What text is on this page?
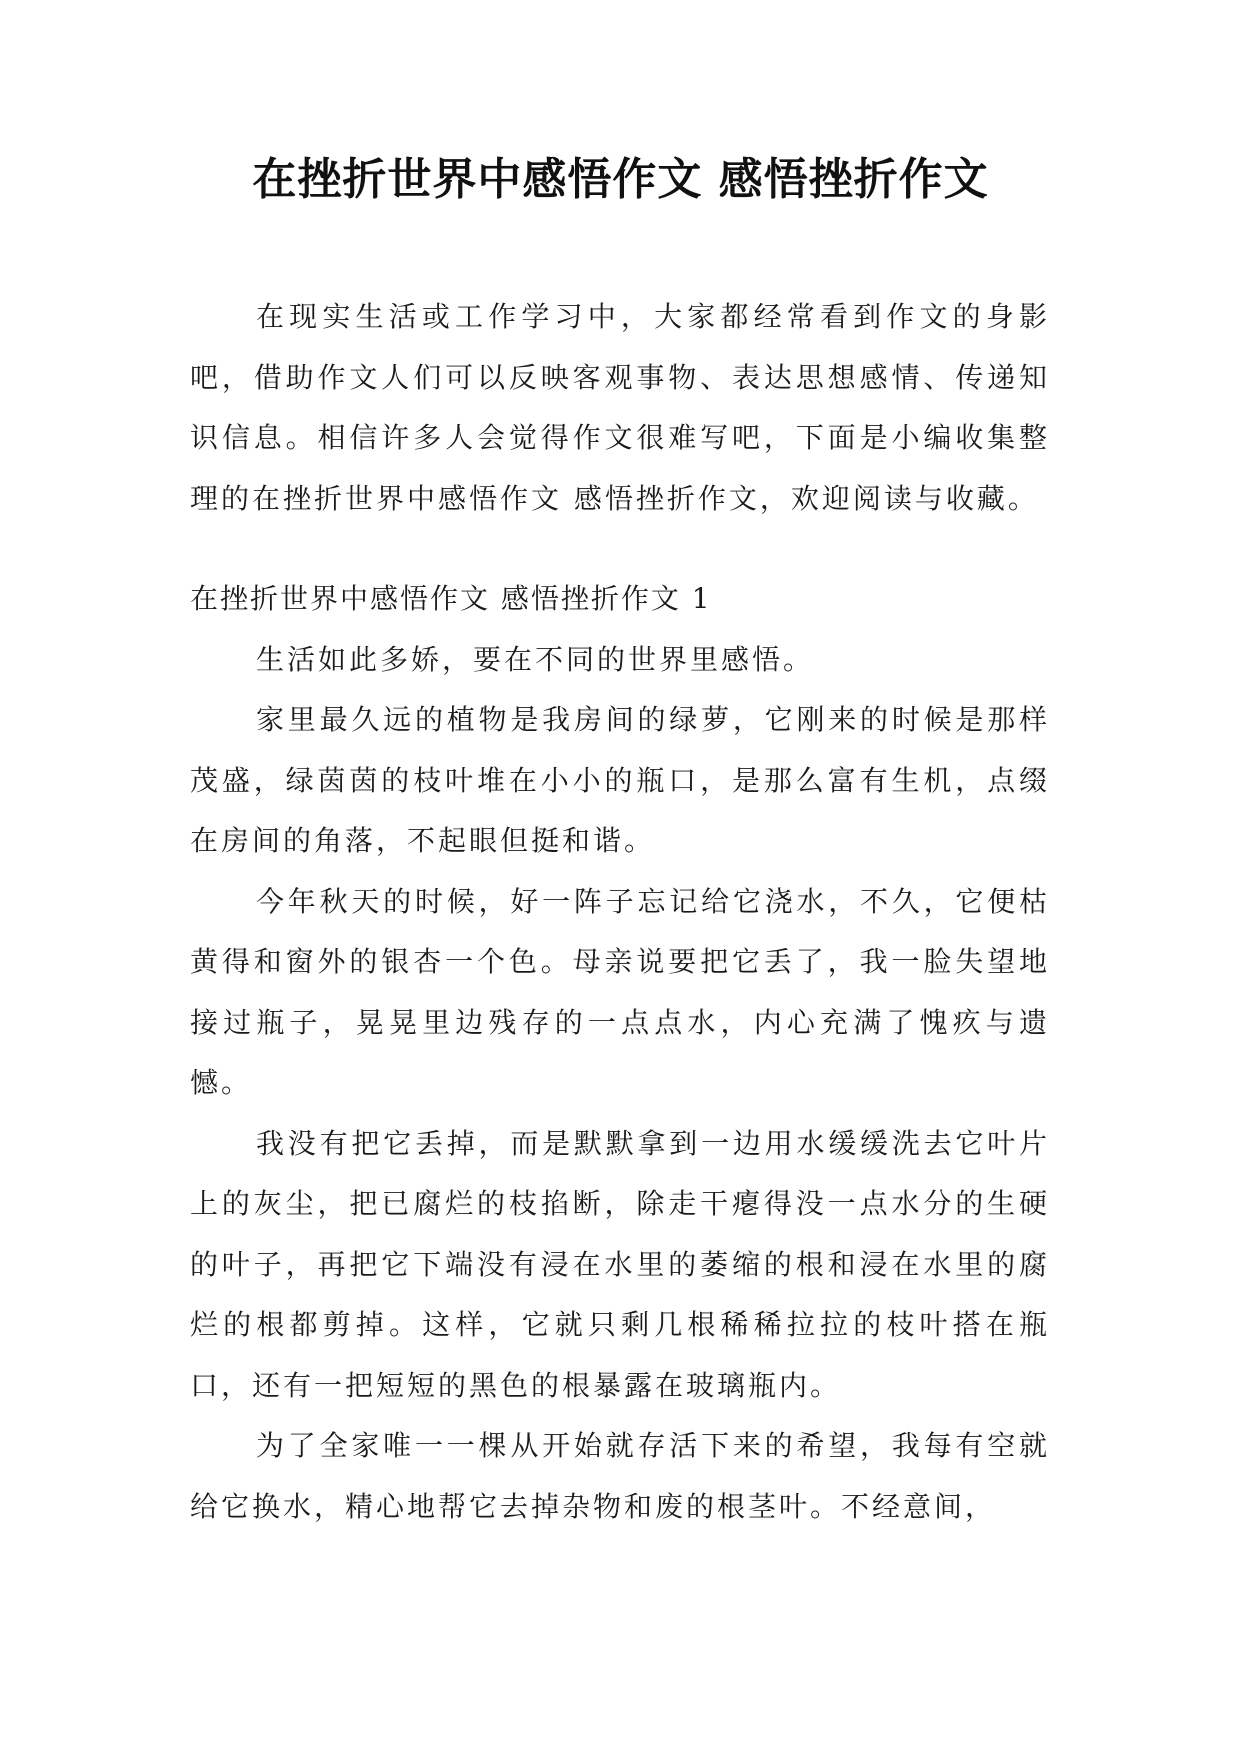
在挫折世界中感悟作文 感悟挫折作文

在现实生活或工作学习中，大家都经常看到作文的身影吧，借助作文人们可以反映客观事物、表达思想感情、传递知识信息。相信许多人会觉得作文很难写吧，下面是小编收集整理的在挫折世界中感悟作文 感悟挫折作文，欢迎阅读与收藏。

在挫折世界中感悟作文 感悟挫折作文 1

生活如此多娇，要在不同的世界里感悟。

家里最久远的植物是我房间的绿萝，它刚来的时候是那样茂盛，绿茵茵的枝叶堆在小小的瓶口，是那么富有生机，点缀在房间的角落，不起眼但挺和谐。

今年秋天的时候，好一阵子忘记给它浇水，不久，它便枯黄得和窗外的银杏一个色。母亲说要把它丢了，我一脸失望地接过瓶子，晃晃里边残存的一点点水，内心充满了愧疚与遗憾。

我没有把它丢掉，而是默默拿到一边用水缓缓洗去它叶片上的灰尘，把已腐烂的枝掐断，除走干瘪得没一点水分的生硬的叶子，再把它下端没有浸在水里的萎缩的根和浸在水里的腐烂的根都剪掉。这样，它就只剩几根稀稀拉拉的枝叶搭在瓶口，还有一把短短的黑色的根暴露在玻璃瓶内。

为了全家唯一一棵从开始就存活下来的希望，我每有空就给它换水，精心地帮它去掉杂物和废的根茎叶。不经意间，
